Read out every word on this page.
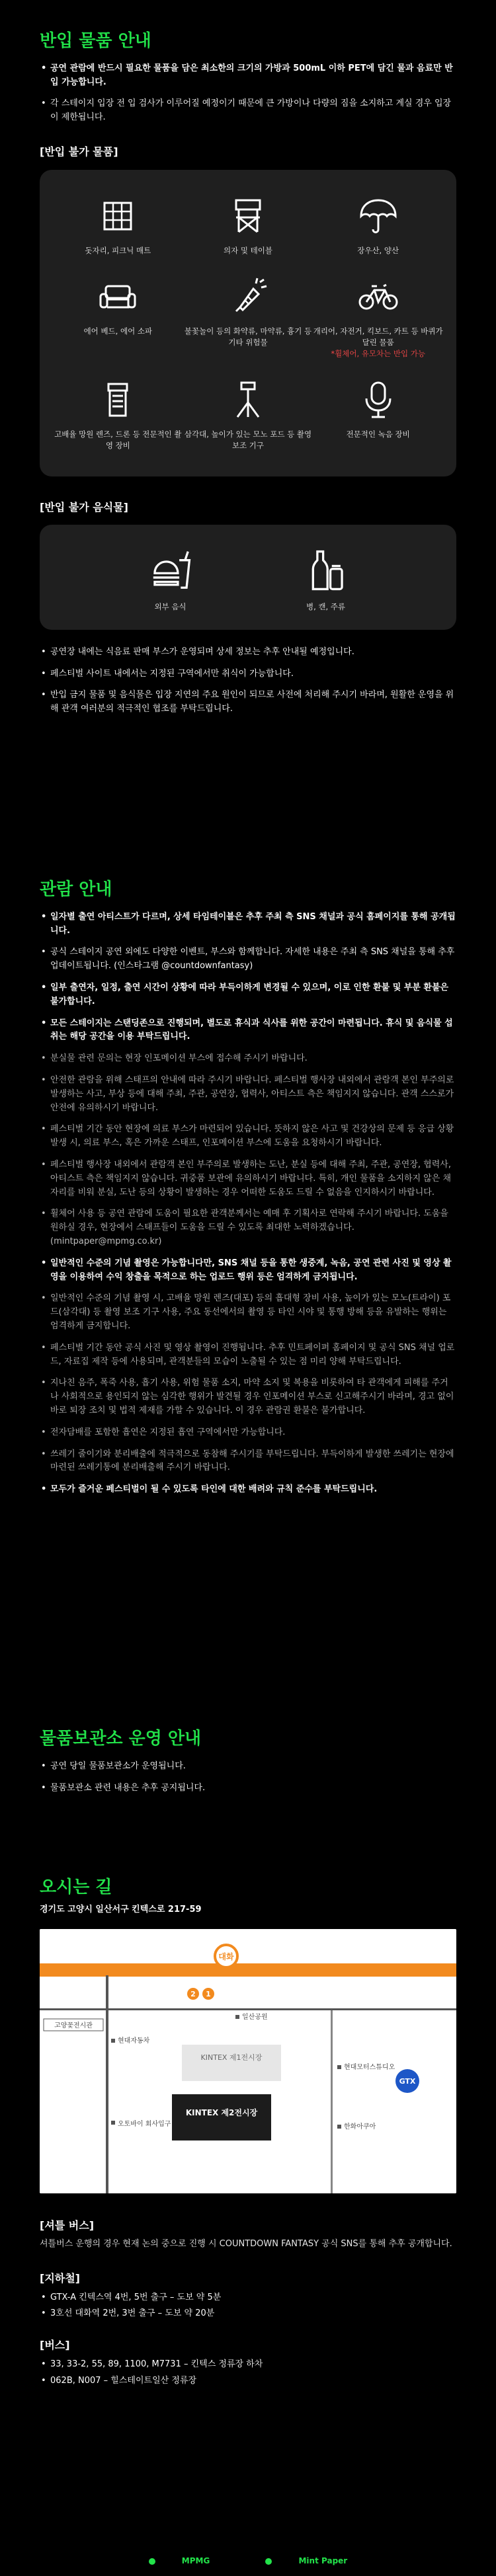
반입 물품 안내
• 공연 관람에 반드시 필요한 물품을 담은 최소한의 크기의 가방과 500mL 이하 PET에 담긴 물과 음료만 반입 가능합니다.
• 각 스테이지 입장 전 입 검사가 이루어질 예정이기 때문에 큰 가방이나 다량의 짐을 소지하고 계실 경우 입장이 제한됩니다.
[반입 불가 물품]
돗자리, 피크닉 매트	의자 및 테이블	장우산, 양산
에어 베드, 에어 소파	불꽃놀이 등의 화약류, 마약류, 흉기 등 기타 위험물
개리어, 자전거, 킥보드, 카트 등 바퀴가 달린 물품
*휠체어, 유모차는 반입 가능
고배율 망원 렌즈, 드론 등 전문적인 촬영 장비
삼각대, 높이가 있는 모노 포드 등 촬영 보조 기구
전문적인 녹음 장비
[반입 불가 음식물]
외부 음식	병, 캔, 주류
• 공연장 내에는 식음료 판매 부스가 운영되며 상세 정보는 추후 안내될 예정입니다.
• 페스티벌 사이트 내에서는 지정된 구역에서만 취식이 가능합니다.
• 반입 금지 물품 및 음식물은 입장 지연의 주요 원인이 되므로 사전에 처리해 주시기 바라며, 원활한 운영을 위해 관객 여러분의 적극적인 협조를 부탁드립니다.
관람 안내
• 일자별 출연 아티스트가 다르며, 상세 타임테이블은 추후 주최 측 SNS 채널과 공식 홈페이지를 통해 공개됩니다.
• 공식 스테이지 공연 외에도 다양한 이벤트, 부스와 함께합니다. 자세한 내용은 주최 측 SNS 채널을 통해 추후 업데이트됩니다. (인스타그램 @countdownfantasy)
• 일부 출연자, 일정, 출연 시간이 상황에 따라 부득이하게 변경될 수 있으며, 이로 인한 환불 및 부분 환불은 불가합니다.
• 모든 스테이지는 스탠딩존으로 진행되며, 별도로 휴식과 식사를 위한 공간이 마련됩니다. 휴식 및 음식물 섭취는 해당 공간을 이용 부탁드립니다.
• 분실물 관련 문의는 현장 인포메이션 부스에 접수해 주시기 바랍니다.
• 안전한 관람을 위해 스태프의 안내에 따라 주시기 바랍니다. 페스티벌 행사장 내외에서 관람객 본인 부주의로 발생하는 사고, 부상 등에 대해 주최, 주관, 공연장, 협력사, 아티스트 측은 책임지지 않습니다. 관객 스스로가 안전에 유의하시기 바랍니다.
• 페스티벌 기간 동안 현장에 의료 부스가 마련되어 있습니다. 뜻하지 않은 사고 및 건강상의 문제 등 응급 상황 발생 시, 의료 부스, 혹은 가까운 스태프, 인포메이션 부스에 도움을 요청하시기 바랍니다.
• 페스티벌 행사장 내외에서 관람객 본인 부주의로 발생하는 도난, 분실 등에 대해 주최, 주관, 공연장, 협력사, 아티스트 측은 책임지지 않습니다. 귀중품 보관에 유의하시기 바랍니다. 특히, 개인 물품을 소지하지 않은 채 자리를 비워 분실, 도난 등의 상황이 발생하는 경우 어떠한 도움도 드릴 수 없음을 인지하시기 바랍니다.
• 휠체어 사용 등 공연 관람에 도움이 필요한 관객분께서는 예매 후 기획사로 연락해 주시기 바랍니다. 도움을 원하실 경우, 현장에서 스태프들이 도움을 드릴 수 있도록 최대한 노력하겠습니다. (mintpaper@mpmg.co.kr)
• 일반적인 수준의 기념 촬영은 가능합니다만, SNS 채널 등을 통한 생중계, 녹음, 공연 관련 사진 및 영상 촬영을 이용하여 수익 창출을 목적으로 하는 업로드 행위 등은 엄격하게 금지됩니다.
• 일반적인 수준의 기념 촬영 시, 고배율 망원 렌즈(대포) 등의 흡대형 장비 사용, 높이가 있는 모노(트라이) 포드(삼각대) 등 촬영 보조 기구 사용, 주요 동선에서의 촬영 등 타인 시야 및 통행 방해 등을 유발하는 행위는 엄격하게 금지합니다.
• 페스티벌 기간 동안 공식 사진 및 영상 촬영이 진행됩니다. 추후 민트페이퍼 홈페이지 및 공식 SNS 채널 업로드, 자료집 제작 등에 사용되며, 관객분들의 모습이 노출될 수 있는 점 미리 양해 부탁드립니다.
• 지나친 음주, 폭죽 사용, 흡기 사용, 위험 물품 소지, 마약 소지 및 복용을 비롯하여 타 관객에게 피해를 주거나 사회적으로 용인되지 않는 심각한 행위가 발견될 경우 인포메이션 부스로 신고해주시기 바라며, 경고 없이 바로 퇴장 조치 및 법적 제재를 가할 수 있습니다. 이 경우 관람권 환불은 불가합니다.
• 전자담배를 포함한 흡연은 지정된 흡연 구역에서만 가능합니다.
• 쓰레기 줄이기와 분리배출에 적극적으로 동참해 주시기를 부탁드립니다. 부득이하게 발생한 쓰레기는 현장에 마련된 쓰레기통에 분리배출해 주시기 바랍니다.
• 모두가 즐거운 페스티벌이 될 수 있도록 타인에 대한 배려와 규칙 준수를 부탁드립니다.
물품보관소 운영 안내
• 공연 당일 물품보관소가 운영됩니다.
• 물품보관소 관련 내용은 추후 공지됩니다.
오시는 길
경기도 고양시 일산서구 킨텍스로 217-59
대화
2 1
고양꽃전시관
현대자동차
일산공원
현대모터스튜디오
한화아쿠아
KINTEX 제1전시장
KINTEX 제2전시장
오토바이 회사입구
GTX
[셔틀 버스]
셔틀버스 운행의 경우 현재 논의 중으로 진행 시 COUNTDOWN FANTASY 공식 SNS를 통해 추후 공개합니다.
[지하철]
• GTX-A 킨텍스역 4번, 5번 출구 – 도보 약 5분
• 3호선 대화역 2번, 3번 출구 – 도보 약 20분
[버스]
• 33, 33-2, 55, 89, 1100, M7731 – 킨텍스 정류장 하차
• 062B, N007 – 힐스테이트일산 정류장
MPMG	Mint Paper
